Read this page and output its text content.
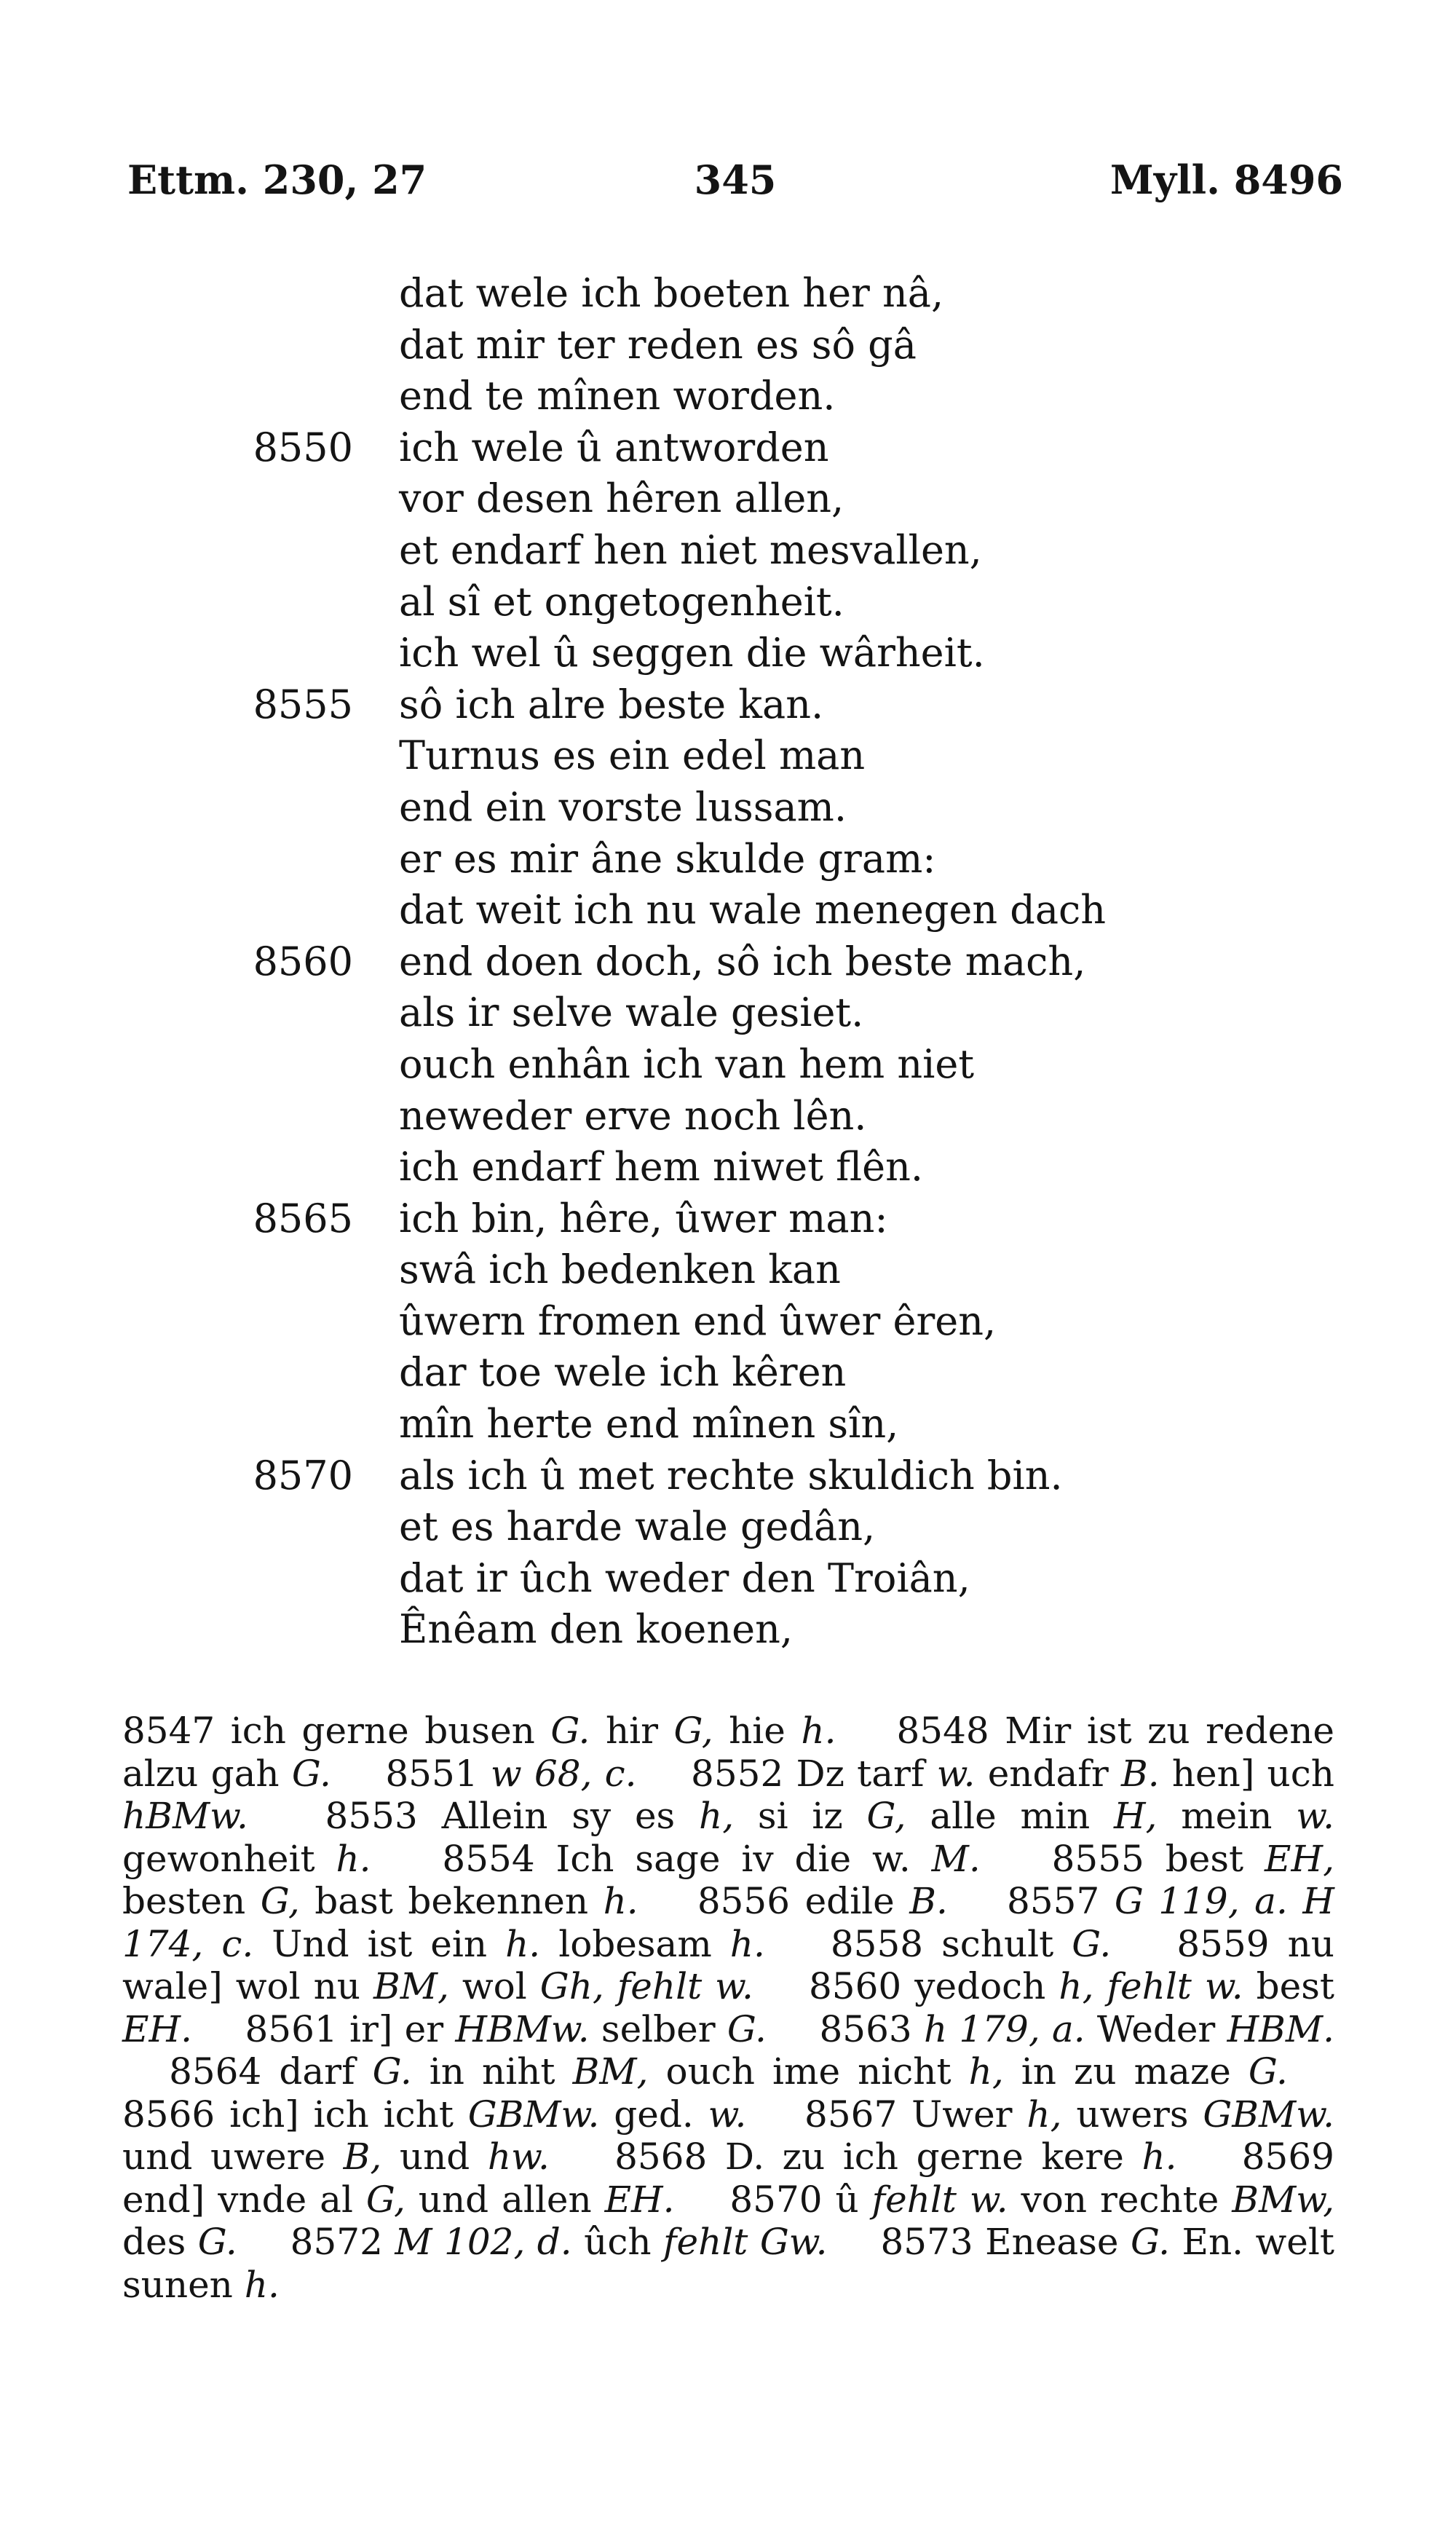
Ettm. 230, 27	345	Myll. 8496
dat wele ich boeten her nâ,
dat mir ter reden es sô gâ
end te mînen worden.
8550 ich wele û antworden
vor desen hêren allen,
et endarf hen niet mesvallen,
al sî et ongetogenheit.
ich wel û seggen die wârheit.
8555 sô ich alre beste kan.
Turnus es ein edel man
end ein vorste lussam.
er es mir âne skulde gram:
dat weit ich nu wale menegen dach
8560 end doen doch, sô ich beste mach,
als ir selve wale gesiet.
ouch enhân ich van hem niet
neweder erve noch lên.
ich endarf hem niwet flên.
8565 ich bin, hêre, ûwer man:
swâ ich bedenken kan
ûwern fromen end ûwer êren,
dar toe wele ich kêren
mîn herte end mînen sîn,
8570 als ich û met rechte skuldich bin.
et es harde wale gedân,
dat ir ûch weder den Troiân,
Ênêam den koenen,
8547 ich gerne busen G. hir G, hie h. 8548 Mir ist zu redene alzu gah G. 8551 w 68, c. 8552 Dz tarf w. endafr B. hen] uch hBMw. 8553 Allein sy es h, si iz G, alle min H, mein w. gewonheit h. 8554 Ich sage iv die w. M. 8555 best EH, besten G, bast bekennen h. 8556 edile B. 8557 G 119, a. H 174, c. Und ist ein h. lobesam h. 8558 schult G. 8559 nu wale] wol nu BM, wol Gh, fehlt w. 8560 yedoch h, fehlt w. best EH. 8561 ir] er HBMw. selber G. 8563 h 179, a. Weder HBM.  8564 darf G. in niht BM, ouch ime nicht h, in zu maze G.  8566 ich] ich icht GBMw. ged. w. 8567 Uwer h, uwers GBMw. und uwere B, und hw. 8568 D. zu ich gerne kere h. 8569 end] vnde al G, und allen EH. 8570 û fehlt w. von rechte BMw, des G. 8572 M 102, d. ûch fehlt Gw. 8573 Enease G. En. welt sunen h.
